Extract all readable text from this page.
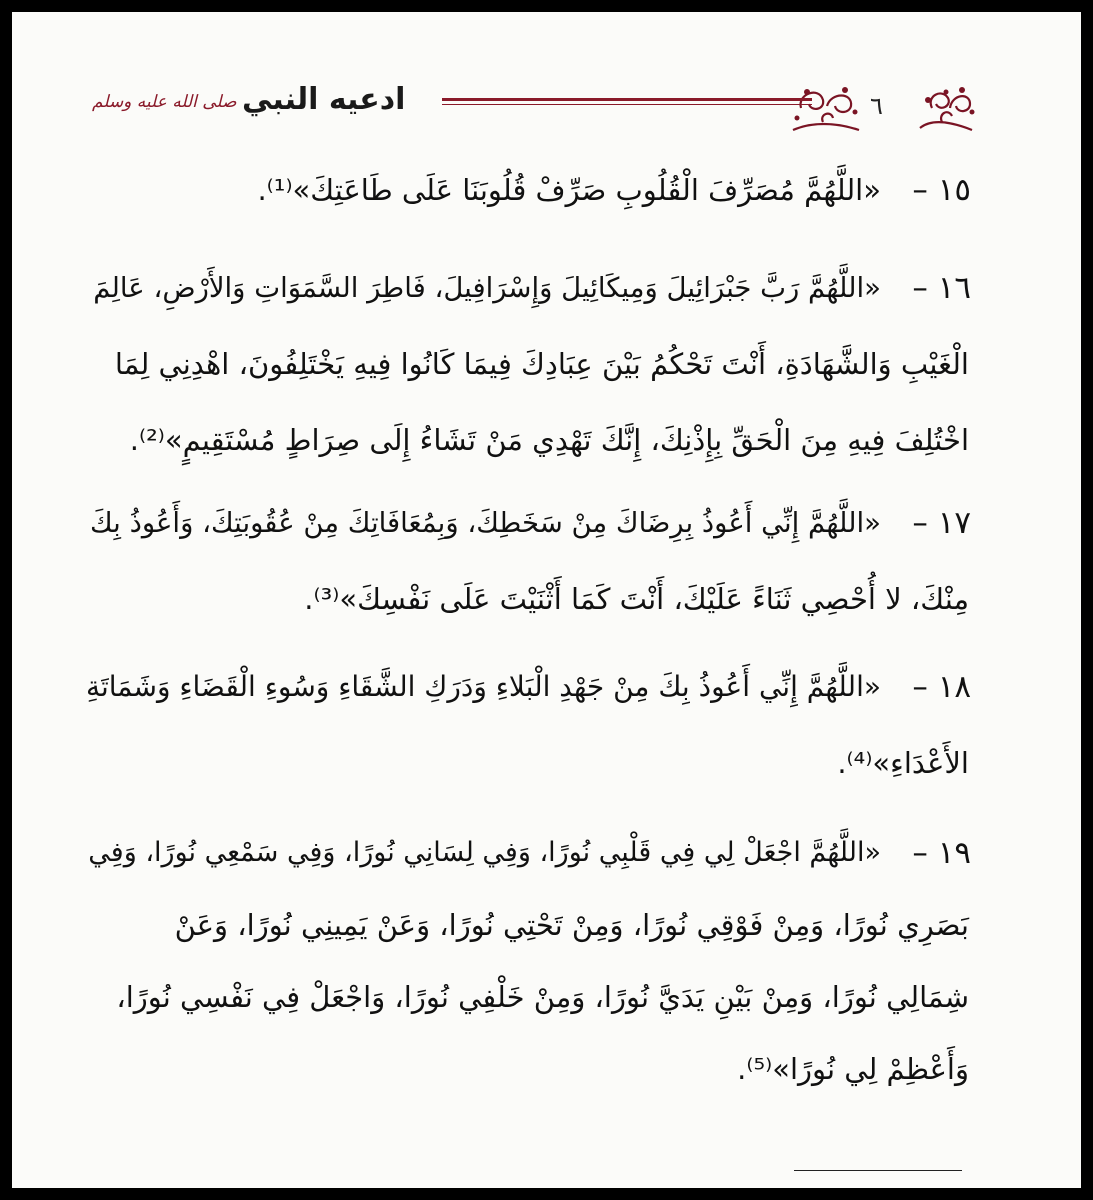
٦
ادعيه النبي
صلى الله عليه وسلم
١٥ –
«اللَّهُمَّ مُصَرِّفَ الْقُلُوبِ صَرِّفْ قُلُوبَنَا عَلَى طَاعَتِكَ»⁽¹⁾.
١٦ –
«اللَّهُمَّ رَبَّ جَبْرَائِيلَ وَمِيكَائِيلَ وَإِسْرَافِيلَ، فَاطِرَ السَّمَوَاتِ وَالأَرْضِ، عَالِمَ
الْغَيْبِ وَالشَّهَادَةِ، أَنْتَ تَحْكُمُ بَيْنَ عِبَادِكَ فِيمَا كَانُوا فِيهِ يَخْتَلِفُونَ، اهْدِنِي لِمَا
اخْتُلِفَ فِيهِ مِنَ الْحَقِّ بِإِذْنِكَ، إِنَّكَ تَهْدِي مَنْ تَشَاءُ إِلَى صِرَاطٍ مُسْتَقِيمٍ»⁽²⁾.
١٧ –
«اللَّهُمَّ إِنِّي أَعُوذُ بِرِضَاكَ مِنْ سَخَطِكَ، وَبِمُعَافَاتِكَ مِنْ عُقُوبَتِكَ، وَأَعُوذُ بِكَ
مِنْكَ، لا أُحْصِي ثَنَاءً عَلَيْكَ، أَنْتَ كَمَا أَثْنَيْتَ عَلَى نَفْسِكَ»⁽³⁾.
١٨ –
«اللَّهُمَّ إِنِّي أَعُوذُ بِكَ مِنْ جَهْدِ الْبَلاءِ وَدَرَكِ الشَّقَاءِ وَسُوءِ الْقَضَاءِ وَشَمَاتَةِ
الأَعْدَاءِ»⁽⁴⁾.
١٩ –
«اللَّهُمَّ اجْعَلْ لِي فِي قَلْبِي نُورًا، وَفِي لِسَانِي نُورًا، وَفِي سَمْعِي نُورًا، وَفِي
بَصَرِي نُورًا، وَمِنْ فَوْقِي نُورًا، وَمِنْ تَحْتِي نُورًا، وَعَنْ يَمِينِي نُورًا، وَعَنْ
شِمَالِي نُورًا، وَمِنْ بَيْنِ يَدَيَّ نُورًا، وَمِنْ خَلْفِي نُورًا، وَاجْعَلْ فِي نَفْسِي نُورًا،
وَأَعْظِمْ لِي نُورًا»⁽⁵⁾.
